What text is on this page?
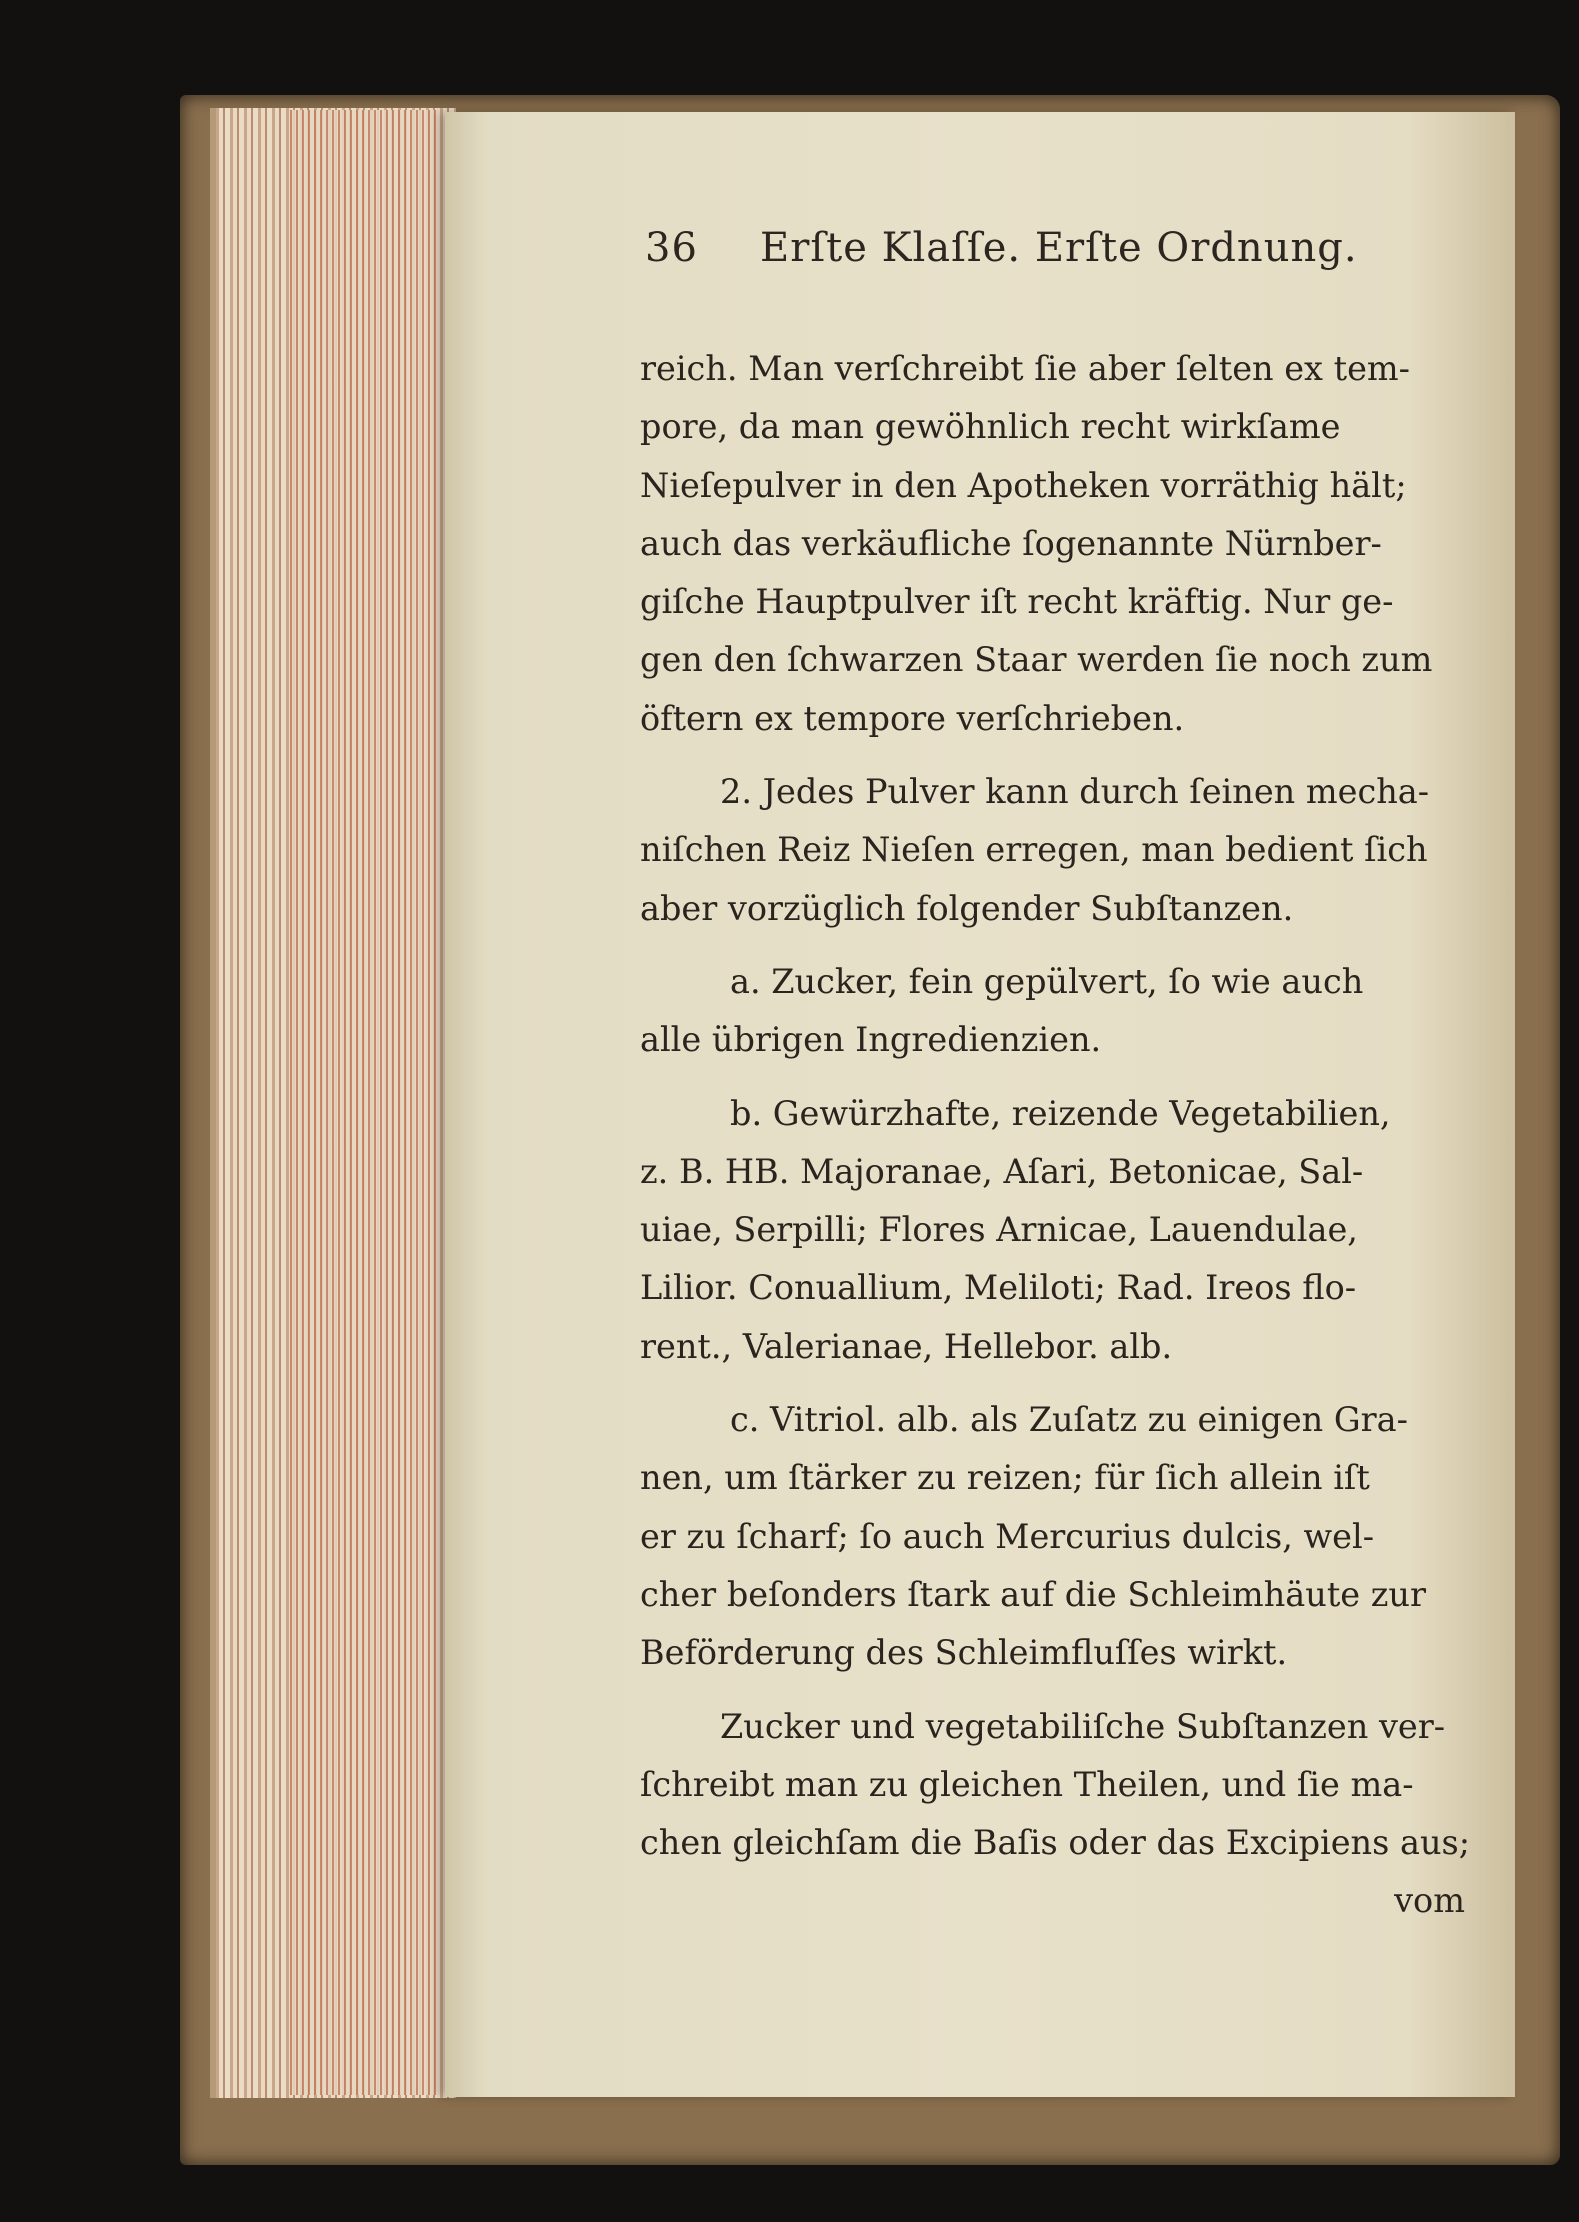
36 Erſte Klaſſe. Erſte Ordnung.
reich. Man verſchreibt ſie aber ſelten ex tem-
pore, da man gewöhnlich recht wirkſame
Nieſepulver in den Apotheken vorräthig hält;
auch das verkäufliche ſogenannte Nürnber-
giſche Hauptpulver iſt recht kräftig. Nur ge-
gen den ſchwarzen Staar werden ſie noch zum
öftern ex tempore verſchrieben.
2. Jedes Pulver kann durch ſeinen mecha-
niſchen Reiz Nieſen erregen, man bedient ſich
aber vorzüglich folgender Subſtanzen.
a. Zucker, fein gepülvert, ſo wie auch
alle übrigen Ingredienzien.
b. Gewürzhafte, reizende Vegetabilien,
z. B. HB. Majoranae, Aſari, Betonicae, Sal-
uiae, Serpilli; Flores Arnicae, Lauendulae,
Lilior. Conuallium, Meliloti; Rad. Ireos flo-
rent., Valerianae, Hellebor. alb.
c. Vitriol. alb. als Zuſatz zu einigen Gra-
nen, um ſtärker zu reizen; für ſich allein iſt
er zu ſcharf; ſo auch Mercurius dulcis, wel-
cher beſonders ſtark auf die Schleimhäute zur
Beförderung des Schleimfluſſes wirkt.
Zucker und vegetabiliſche Subſtanzen ver-
ſchreibt man zu gleichen Theilen, und ſie ma-
chen gleichſam die Baſis oder das Excipiens aus;
vom
